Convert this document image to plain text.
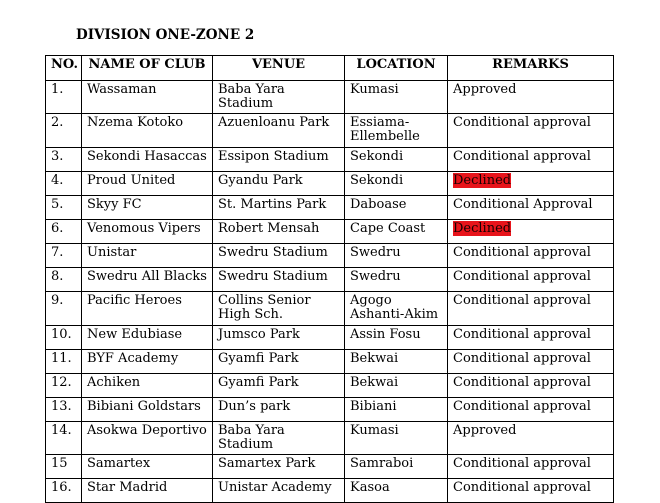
DIVISION ONE-ZONE 2
NO.	NAME OF CLUB	VENUE	LOCATION	REMARKS
1.	Wassaman	Baba Yara Stadium	Kumasi	Approved
2.	Nzema Kotoko	Azuenloanu Park	Essiama-Ellembelle	Conditional approval
3.	Sekondi Hasaccas	Essipon Stadium	Sekondi	Conditional approval
4.	Proud United	Gyandu Park	Sekondi	Declined
5.	Skyy FC	St. Martins Park	Daboase	Conditional Approval
6.	Venomous Vipers	Robert Mensah	Cape Coast	Declined
7.	Unistar	Swedru Stadium	Swedru	Conditional approval
8.	Swedru All Blacks	Swedru Stadium	Swedru	Conditional approval
9.	Pacific Heroes	Collins Senior High Sch.	Agogo Ashanti-Akim	Conditional approval
10.	New Edubiase	Jumsco Park	Assin Fosu	Conditional approval
11.	BYF Academy	Gyamfi Park	Bekwai	Conditional approval
12.	Achiken	Gyamfi Park	Bekwai	Conditional approval
13.	Bibiani Goldstars	Dun’s park	Bibiani	Conditional approval
14.	Asokwa Deportivo	Baba Yara Stadium	Kumasi	Approved
15	Samartex	Samartex Park	Samraboi	Conditional approval
16.	Star Madrid	Unistar Academy	Kasoa	Conditional approval
